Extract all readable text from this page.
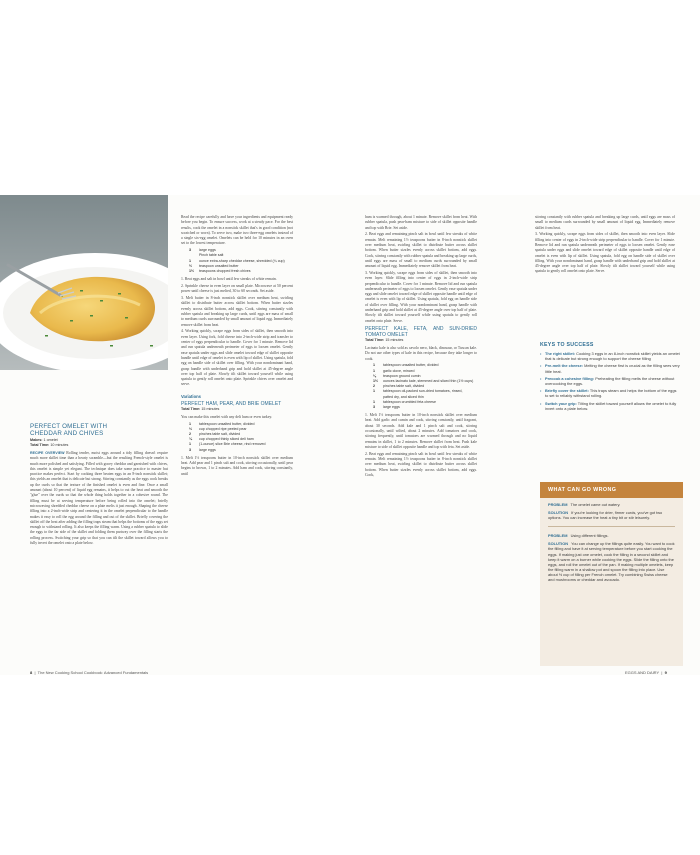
PERFECT OMELET WITH
CHEDDAR AND CHIVES
Makes: 1 omelet
Total Time: 10 minutes

RECIPE OVERVIEW Rolling tender, moist eggs around a tidy filling doesn't require much more skillet time than a hearty scramble—but the resulting French-style omelet is much more polished and satisfying. Filled with gooey cheddar and garnished with chives, this omelet is simple yet elegant. The technique does take some practice to master but practice makes perfect. Start by cooking three beaten eggs in an 8-inch nonstick skillet; this yields an omelet that is delicate but strong. Stirring constantly as the eggs cook breaks up the curds so that the texture of the finished omelet is even and fine. Once a small amount (about 10 percent) of liquid egg remains, it helps to cut the heat and smooth the "glue" over the curds so that the whole thing holds together in a cohesive round. The filling must be at serving temperature before being rolled into the omelet; briefly microwaving shredded cheddar cheese on a plate melts it just enough. Shaping the cheese filling into a 2-inch-wide strip and centering it in the omelet perpendicular to the handle makes it easy to roll the egg around the filling and out of the skillet. Briefly covering the skillet off the heat after adding the filling traps steam that helps the bottoms of the eggs set enough to withstand rolling. It also keeps the filling warm. Using a rubber spatula to slide the eggs to the far side of the skillet and folding them partway over the filling starts the rolling process. Switching your grip so that you can tilt the skillet toward allows you to fully invert the omelet onto a plate below.

Read the recipe carefully and have your ingredients and equipment ready before you begin. To ensure success, work at a steady pace. For the best results, cook the omelet in a nonstick skillet that's in good condition (not scratched or worn). To serve two, make two three-egg omelets instead of a single six-egg omelet. Omelets can be held for 10 minutes in an oven set to the lowest temperature.

3 large eggs
Pinch table salt
1 ounce extra-sharp cheddar cheese, shredded (¼ cup)
½ teaspoon unsalted butter
1½ teaspoons chopped fresh chives

1. Beat eggs and salt in bowl until few streaks of white remain.

2. Sprinkle cheese in even layer on small plate. Microwave at 50 percent power until cheese is just melted, 30 to 60 seconds. Set aside.

3. Melt butter in 8-inch nonstick skillet over medium heat, swirling skillet to distribute butter across skillet bottom. When butter sizzles evenly across skillet bottom, add eggs. Cook, stirring constantly with rubber spatula and breaking up large curds, until eggs are mass of small to medium curds surrounded by small amount of liquid egg. Immediately remove skillet from heat.

4. Working quickly, scrape eggs from sides of skillet, then smooth into even layer. Using fork, fold cheese into 2-inch-wide strip and transfer to center of eggs perpendicular to handle. Cover for 1 minute. Remove lid and run spatula underneath perimeter of eggs to loosen omelet. Gently ease spatula under eggs and slide omelet toward edge of skillet opposite handle until edge of omelet is even with lip of skillet. Using spatula, fold egg on handle side of skillet over filling. With your nondominant hand, grasp handle with underhand grip and hold skillet at 45-degree angle over top half of plate. Slowly tilt skillet toward yourself while using spatula to gently roll omelet onto plate. Sprinkle chives over omelet and serve.

Variations
PERFECT HAM, PEAR, AND BRIE OMELET
Total Time: 15 minutes

You can make this omelet with any deli ham or even turkey.

1 tablespoon unsalted butter, divided
⅓ cup chopped ripe peeled pear
2 pinches table salt, divided
¼ cup chopped thinly sliced deli ham
1 (1-ounce) slice Brie cheese, rind removed
3 large eggs

1. Melt 1½ teaspoons butter in 10-inch nonstick skillet over medium heat. Add pear and 1 pinch salt and cook, stirring occasionally, until pear begins to brown, 1 to 2 minutes. Add ham and cook, stirring constantly, until

ham is warmed through, about 1 minute. Remove skillet from heat. With rubber spatula, push pear-ham mixture to side of skillet opposite handle and top with Brie. Set aside.

2. Beat eggs and remaining pinch salt in bowl until few streaks of white remain. Melt remaining 1½ teaspoons butter in 8-inch nonstick skillet over medium heat, swirling skillet to distribute butter across skillet bottom. When butter sizzles evenly across skillet bottom, add eggs. Cook, stirring constantly with rubber spatula and breaking up large curds, until eggs are mass of small to medium curds surrounded by small amount of liquid egg. Immediately remove skillet from heat.

3. Working quickly, scrape eggs from sides of skillet, then smooth into even layer. Slide filling into center of eggs in 2-inch-wide strip perpendicular to handle. Cover for 1 minute. Remove lid and run spatula underneath perimeter of eggs to loosen omelet. Gently ease spatula under eggs and slide omelet toward edge of skillet opposite handle until edge of omelet is even with lip of skillet. Using spatula, fold egg on handle side of skillet over filling. With your nondominant hand, grasp handle with underhand grip and hold skillet at 45-degree angle over top half of plate. Slowly tilt skillet toward yourself while using spatula to gently roll omelet onto plate. Serve.

PERFECT KALE, FETA, AND SUN-DRIED TOMATO OMELET
Total Time: 15 minutes

Lacinato kale is also sold as cavolo nero, black, dinosaur, or Tuscan kale. Do not use other types of kale in this recipe, because they take longer to cook.

1 tablespoon unsalted butter, divided
1 garlic clove, minced
⅛ teaspoon ground cumin
1½ ounces lacinato kale, stemmed and sliced thin (1½ cups)
2 pinches table salt, divided
1 tablespoon oil-packed sun-dried tomatoes, rinsed,
patted dry, and sliced thin
1 tablespoon crumbled feta cheese
3 large eggs

1. Melt 1½ teaspoons butter in 10-inch nonstick skillet over medium heat. Add garlic and cumin and cook, stirring constantly, until fragrant, about 30 seconds. Add kale and 1 pinch salt and cook, stirring occasionally, until wilted, about 2 minutes. Add tomatoes and cook, stirring frequently, until tomatoes are warmed through and no liquid remains in skillet, 1 to 2 minutes. Remove skillet from heat. Push kale mixture to side of skillet opposite handle and top with feta. Set aside.

2. Beat eggs and remaining pinch salt in bowl until few streaks of white remain. Melt remaining 1½ teaspoons butter in 8-inch nonstick skillet over medium heat, swirling skillet to distribute butter across skillet bottom. When butter sizzles evenly across skillet bottom, add eggs. Cook,

stirring constantly with rubber spatula and breaking up large curds, until eggs are mass of small to medium curds surrounded by small amount of liquid egg. Immediately remove skillet from heat.

3. Working quickly, scrape eggs from sides of skillet, then smooth into even layer. Slide filling into center of eggs in 2-inch-wide strip perpendicular to handle. Cover for 1 minute. Remove lid and run spatula underneath perimeter of eggs to loosen omelet. Gently ease spatula under eggs and slide omelet toward edge of skillet opposite handle until edge of omelet is even with lip of skillet. Using spatula, fold egg on handle side of skillet over filling. With your nondominant hand, grasp handle with underhand grip and hold skillet at 45-degree angle over top half of plate. Slowly tilt skillet toward yourself while using spatula to gently roll omelet onto plate. Serve.

KEYS TO SUCCESS
• The right skillet: Cooking 3 eggs in an 8-inch nonstick skillet yields an omelet that is delicate but strong enough to support the cheese filling
• Pre-melt the cheese: Melting the cheese first is crucial as the filling sees very little heat.
• Precook a cohesive filling: Preheating the filling melts the cheese without overcooking the eggs.
• Briefly cover the skillet: This traps steam and helps the bottom of the eggs to set to reliably withstand rolling.
• Switch your grip: Tilting the skillet toward yourself allows the omelet to fully invert onto a plate below.
WHAT CAN GO WRONG
PROBLEM The omelet came out watery.
SOLUTION If you're looking for drier, firmer curds, you've got two options. You can increase the heat a tiny bit or stir leisurely.
PROBLEM Using different fillings.
SOLUTION You can change up the fillings quite easily. You want to cook the filling and have it at serving temperature before you start cooking the eggs. If making just one omelet, cook the filling in a second skillet and keep it warm on a burner while cooking the eggs. Slide the filling onto the eggs, and roll the omelet out of the pan. If making multiple omelets, keep the filling warm in a shallow pot and spoon the filling into place. Use about ½ cup of filling per French omelet. Try combining Swiss cheese and mushrooms or cheddar and avocado.
8  |  The New Cooking School Cookbook: Advanced Fundamentals	EGGS AND DAIRY  |  9
